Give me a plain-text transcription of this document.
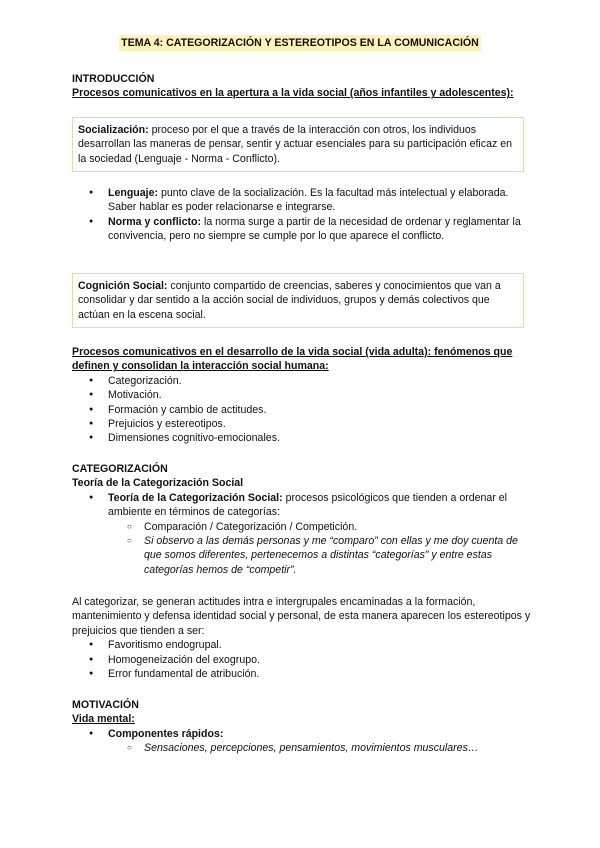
TEMA 4: CATEGORIZACIÓN Y ESTEREOTIPOS EN LA COMUNICACIÓN
INTRODUCCIÓN

Procesos comunicativos en la apertura a la vida social (años infantiles y adolescentes):

Socialización: proceso por el que a través de la interacción con otros, los individuos desarrollan las maneras de pensar, sentir y actuar esenciales para su participación eficaz en la sociedad (Lenguaje - Norma - Conflicto).
● Lenguaje: punto clave de la socialización. Es la facultad más intelectual y elaborada. Saber hablar es poder relacionarse e integrarse.
● Norma y conflicto: la norma surge a partir de la necesidad de ordenar y reglamentar la convivencia, pero no siempre se cumple por lo que aparece el conflicto.
Cognición Social: conjunto compartido de creencias, saberes y conocimientos que van a consolidar y dar sentido a la acción social de individuos, grupos y demás colectivos que actúan en la escena social.

Procesos comunicativos en el desarrollo de la vida social (vida adulta): fenómenos que definen y consolidan la interacción social humana:

● Categorización.
● Motivación.
● Formación y cambio de actitudes.
● Prejuicios y estereotipos.
● Dimensiones cognitivo-emocionales.
CATEGORIZACIÓN

Teoría de la Categorización Social

● Teoría de la Categorización Social: procesos psicológicos que tienden a ordenar el ambiente en términos de categorías:
○ Comparación / Categorización / Competición.
○ Si observo a las demás personas y me “comparo” con ellas y me doy cuenta de que somos diferentes, pertenecemos a distintas “categorías” y entre estas categorías hemos de “competir”.

Al categorizar, se generan actitudes intra e intergrupales encaminadas a la formación, mantenimiento y defensa identidad social y personal, de esta manera aparecen los estereotipos y prejuicios que tienden a ser:

● Favoritismo endogrupal.
● Homogeneización del exogrupo.
● Error fundamental de atribución.
MOTIVACIÓN

Vida mental:

● Componentes rápidos:
○ Sensaciones, percepciones, pensamientos, movimientos musculares…
